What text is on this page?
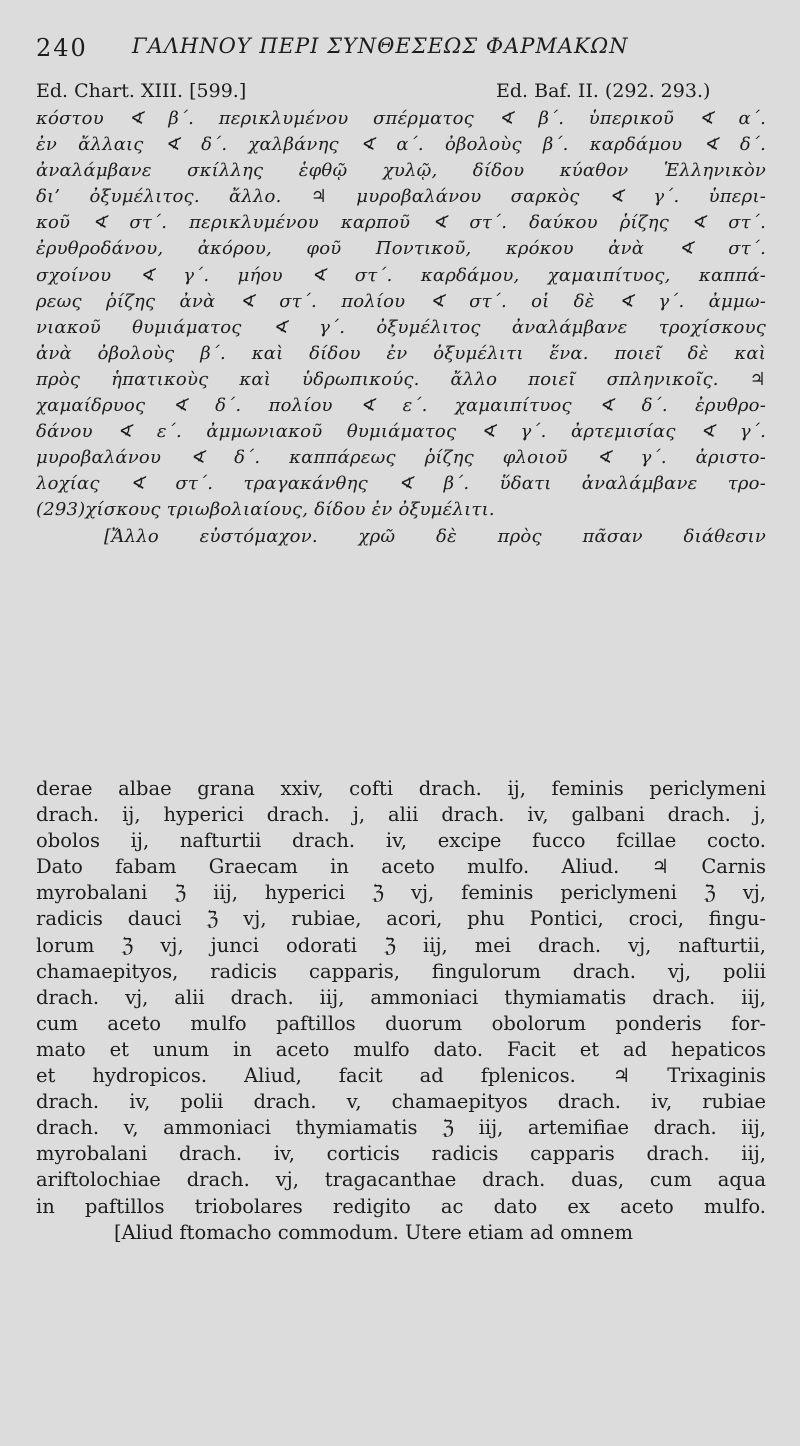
240 ΓΑΛΗΝΟΥ ΠΕΡΙ ΣΥΝΘΕΣΕΩΣ ΦΑΡΜΑΚΩΝ
Ed. Chart. XIII. [599.]	Ed. Baf. II. (292. 293.)
κόστου ∢ β΄. περικλυμένου σπέρματος ∢ β΄. ὑπερικοῦ ∢ α΄.
ἐν ἄλλαις ∢ δ΄. χαλβάνης ∢ α΄. ὀβολοὺς β΄. καρδάμου ∢ δ΄.
ἀναλάμβανε σκίλλης ἑφθῷ χυλῷ, δίδου κύαθον Ἑλληνικὸν
δι’ ὀξυμέλιτος. ἄλλο. ♃ μυροβαλάνου σαρκὸς ∢ γ΄. ὑπερι-
κοῦ ∢ στ΄. περικλυμένου καρποῦ ∢ στ΄. δαύκου ῥίζης ∢ στ΄.
ἐρυθροδάνου, ἀκόρου, φοῦ Ποντικοῦ, κρόκου ἀνὰ ∢ στ΄.
σχοίνου ∢ γ΄. μήου ∢ στ΄. καρδάμου, χαμαιπίτυος, καππά-
ρεως ῥίζης ἀνὰ ∢ στ΄. πολίου ∢ στ΄. οἱ δὲ ∢ γ΄. ἀμμω-
νιακοῦ θυμιάματος ∢ γ΄. ὀξυμέλιτος ἀναλάμβανε τροχίσκους
ἀνὰ ὀβολοὺς β΄. καὶ δίδου ἐν ὀξυμέλιτι ἕνα. ποιεῖ δὲ καὶ
πρὸς ἡπατικοὺς καὶ ὑδρωπικούς. ἄλλο ποιεῖ σπληνικοῖς. ♃
χαμαίδρυος ∢ δ΄. πολίου ∢ ε΄. χαμαιπίτυος ∢ δ΄. ἐρυθρο-
δάνου ∢ ε΄. ἀμμωνιακοῦ θυμιάματος ∢ γ΄. ἀρτεμισίας ∢ γ΄.
μυροβαλάνου ∢ δ΄. καππάρεως ῥίζης φλοιοῦ ∢ γ΄. ἀριστο-
λοχίας ∢ στ΄. τραγακάνθης ∢ β΄. ὕδατι ἀναλάμβανε τρο-
(293)χίσκους τριωβολιαίους, δίδου ἐν ὀξυμέλιτι.
[Ἄλλο εὐστόμαχον. χρῶ δὲ πρὸς πᾶσαν διάθεσιν
derae albae grana xxiv, cofti drach. ij, feminis periclymeni
drach. ij, hyperici drach. j, alii drach. iv, galbani drach. j,
obolos ij, nafturtii drach. iv, excipe fucco fcillae cocto.
Dato fabam Graecam in aceto mulfo. Aliud. ♃ Carnis
myrobalani ℨ iij, hyperici ℨ vj, feminis periclymeni ℨ vj,
radicis dauci ℨ vj, rubiae, acori, phu Pontici, croci, fingu-
lorum ℨ vj, junci odorati ℨ iij, mei drach. vj, nafturtii,
chamaepityos, radicis capparis, fingulorum drach. vj, polii
drach. vj, alii drach. iij, ammoniaci thymiamatis drach. iij,
cum aceto mulfo paftillos duorum obolorum ponderis for-
mato et unum in aceto mulfo dato. Facit et ad hepaticos
et hydropicos. Aliud, facit ad fplenicos. ♃ Trixaginis
drach. iv, polii drach. v, chamaepityos drach. iv, rubiae
drach. v, ammoniaci thymiamatis ℨ iij, artemifiae drach. iij,
myrobalani drach. iv, corticis radicis capparis drach. iij,
ariftolochiae drach. vj, tragacanthae drach. duas, cum aqua
in paftillos triobolares redigito ac dato ex aceto mulfo.
[Aliud ftomacho commodum. Utere etiam ad omnem
